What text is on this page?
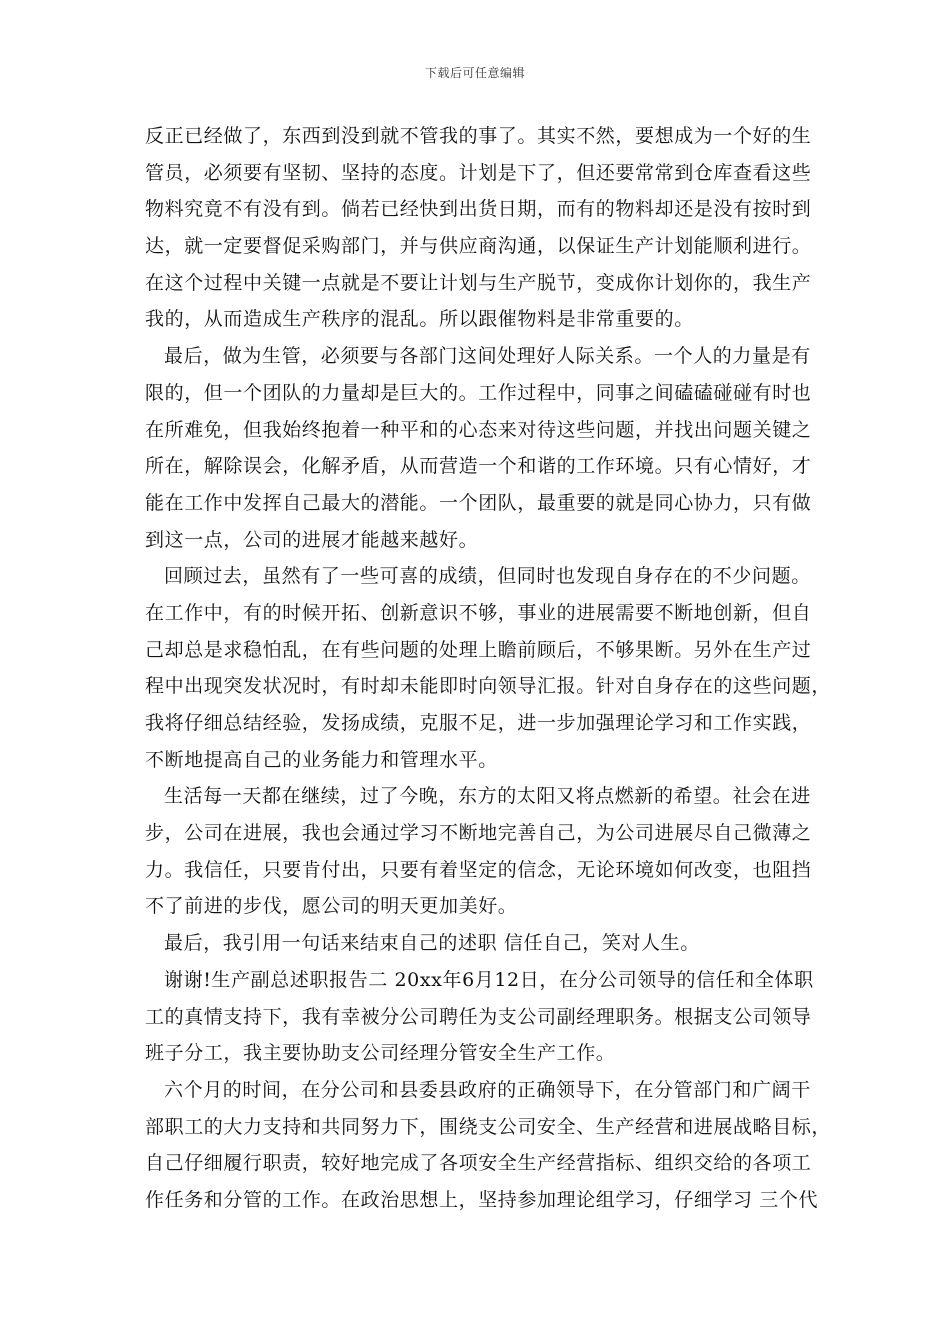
下载后可任意编辑
反正已经做了，东西到没到就不管我的事了。其实不然，要想成为一个好的生
管员，必须要有坚韧、坚持的态度。计划是下了，但还要常常到仓库查看这些
物料究竟不有没有到。倘若已经快到出货日期，而有的物料却还是没有按时到
达，就一定要督促采购部门，并与供应商沟通，以保证生产计划能顺利进行。
在这个过程中关键一点就是不要让计划与生产脱节，变成你计划你的，我生产
我的，从而造成生产秩序的混乱。所以跟催物料是非常重要的。
最后，做为生管，必须要与各部门这间处理好人际关系。一个人的力量是有
限的，但一个团队的力量却是巨大的。工作过程中，同事之间磕磕碰碰有时也
在所难免，但我始终抱着一种平和的心态来对待这些问题，并找出问题关键之
所在，解除误会，化解矛盾，从而营造一个和谐的工作环境。只有心情好，才
能在工作中发挥自己最大的潜能。一个团队，最重要的就是同心协力，只有做
到这一点，公司的进展才能越来越好。
回顾过去，虽然有了一些可喜的成绩，但同时也发现自身存在的不少问题。
在工作中，有的时候开拓、创新意识不够，事业的进展需要不断地创新，但自
己却总是求稳怕乱，在有些问题的处理上瞻前顾后，不够果断。另外在生产过
程中出现突发状况时，有时却未能即时向领导汇报。针对自身存在的这些问题，
我将仔细总结经验，发扬成绩，克服不足，进一步加强理论学习和工作实践，
不断地提高自己的业务能力和管理水平。
生活每一天都在继续，过了今晚，东方的太阳又将点燃新的希望。社会在进
步，公司在进展，我也会通过学习不断地完善自己，为公司进展尽自己微薄之
力。我信任，只要肯付出，只要有着坚定的信念，无论环境如何改变，也阻挡
不了前进的步伐，愿公司的明天更加美好。
最后，我引用一句话来结束自己的述职 信任自己，笑对人生。
谢谢!生产副总述职报告二 20xx年6月12日，在分公司领导的信任和全体职
工的真情支持下，我有幸被分公司聘任为支公司副经理职务。根据支公司领导
班子分工，我主要协助支公司经理分管安全生产工作。
六个月的时间，在分公司和县委县政府的正确领导下，在分管部门和广阔干
部职工的大力支持和共同努力下，围绕支公司安全、生产经营和进展战略目标，
自己仔细履行职责，较好地完成了各项安全生产经营指标、组织交给的各项工
作任务和分管的工作。在政治思想上，坚持参加理论组学习，仔细学习 三个代
